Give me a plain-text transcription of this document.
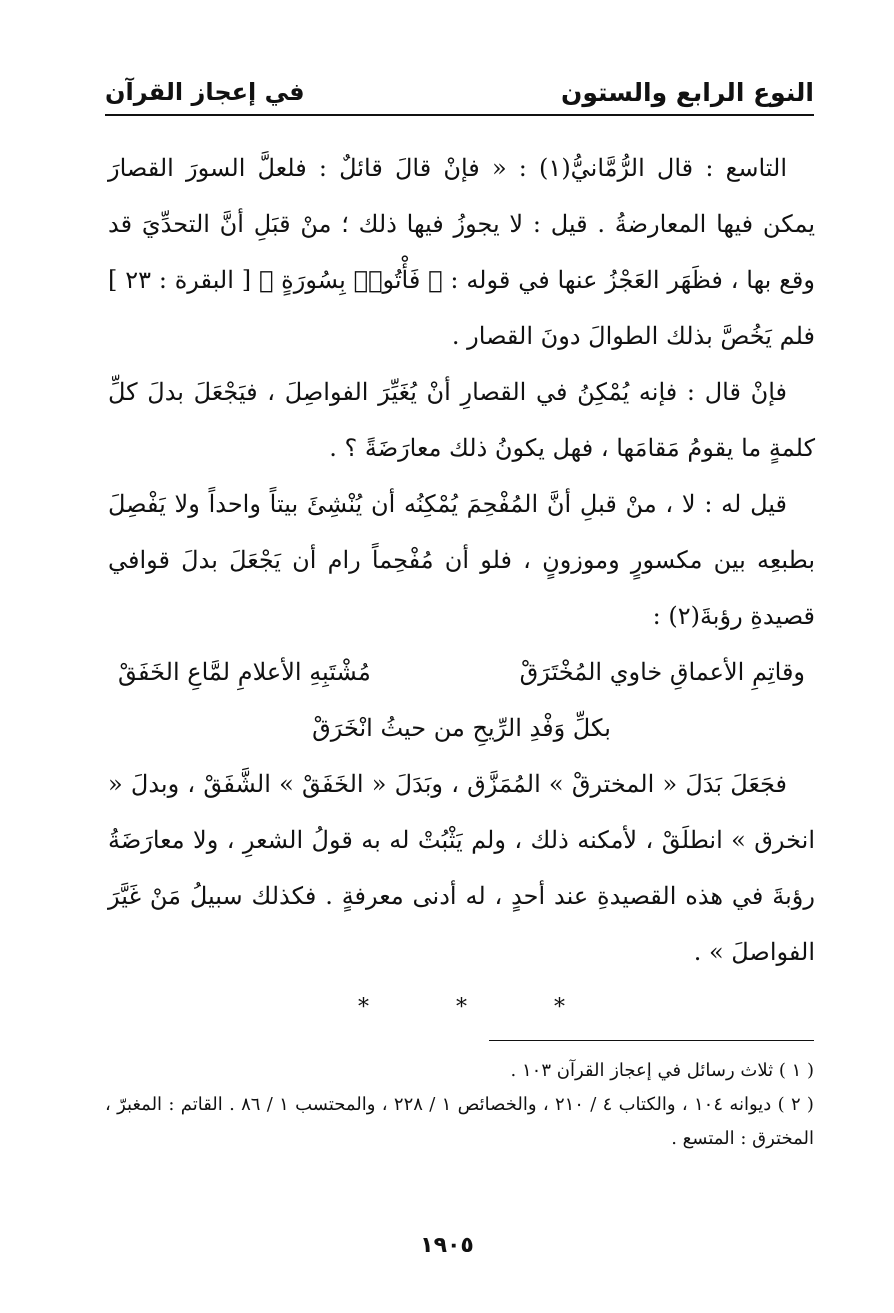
النوع الرابع والستون
في إعجاز القرآن

التاسع : قال الرُّمَّانيُّ(١) : « فإنْ قالَ قائلٌ : فلعلَّ السورَ القصارَ يمكن فيها المعارضةُ . قيل : لا يجوزُ فيها ذلك ؛ منْ قبَلِ أنَّ التحدِّيَ قد وقع بها ، فظَهَر العَجْزُ عنها في قوله : ﴿ فَأْتُوا۟ بِسُورَةٍ ﴾ [ البقرة : ٢٣ ] فلم يَخُصَّ بذلك الطوالَ دونَ القصار .

فإنْ قال : فإنه يُمْكِنُ في القصارِ أنْ يُغَيِّرَ الفواصِلَ ، فيَجْعَلَ بدلَ كلِّ كلمةٍ ما يقومُ مَقامَها ، فهل يكونُ ذلك معارَضَةً ؟ .

قيل له : لا ، منْ قبلِ أنَّ المُفْحِمَ يُمْكِنُه أن يُنْشِئَ بيتاً واحداً ولا يَفْصِلَ بطبعِه بين مكسورٍ وموزونٍ ، فلو أن مُفْحِماً رام أن يَجْعَلَ بدلَ قوافي قصيدةِ رؤبةَ(٢) :

وقاتِمِ الأعماقِ خاوي المُخْتَرَقْ
مُشْتَبِهِ الأعلامِ لمَّاعِ الخَفَقْ
بكلِّ وَفْدِ الرِّيحِ من حيثُ انْخَرَقْ

فجَعَلَ بَدَلَ « المخترقْ » المُمَزَّق ، وبَدَلَ « الخَفَقْ » الشَّفَقْ ، وبدلَ « انخرق » انطلَقْ ، لأمكنه ذلك ، ولم يَثْبُتْ له به قولُ الشعرِ ، ولا معارَضَةُ رؤبةَ في هذه القصيدةِ عند أحدٍ ، له أدنى معرفةٍ . فكذلك سبيلُ مَنْ غَيَّرَ الفواصلَ » .

* * *

( ١ ) ثلاث رسائل في إعجاز القرآن ١٠٣ .

( ٢ ) ديوانه ١٠٤ ، والكتاب ٤ / ٢١٠ ، والخصائص ١ / ٢٢٨ ، والمحتسب ١ / ٨٦ . القاتم : المغبرّ ، المخترق : المتسع .

١٩٠٥
